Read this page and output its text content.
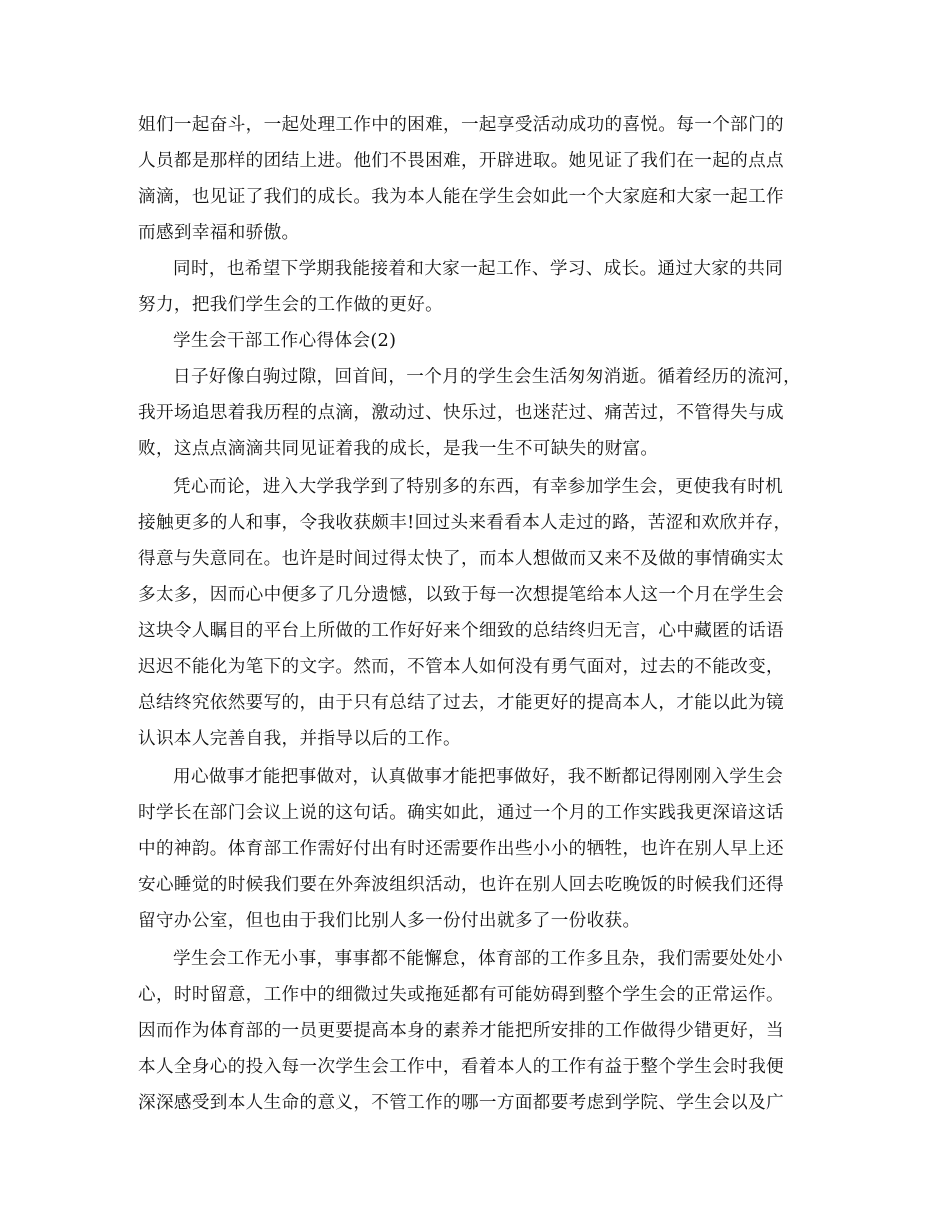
姐们一起奋斗，一起处理工作中的困难，一起享受活动成功的喜悦。每一个部门的
人员都是那样的团结上进。他们不畏困难，开辟进取。她见证了我们在一起的点点
滴滴，也见证了我们的成长。我为本人能在学生会如此一个大家庭和大家一起工作
而感到幸福和骄傲。
同时，也希望下学期我能接着和大家一起工作、学习、成长。通过大家的共同
努力，把我们学生会的工作做的更好。
学生会干部工作心得体会(2)
日子好像白驹过隙，回首间，一个月的学生会生活匆匆消逝。循着经历的流河，
我开场追思着我历程的点滴，激动过、快乐过，也迷茫过、痛苦过，不管得失与成
败，这点点滴滴共同见证着我的成长，是我一生不可缺失的财富。
凭心而论，进入大学我学到了特别多的东西，有幸参加学生会，更使我有时机
接触更多的人和事，令我收获颇丰!回过头来看看本人走过的路，苦涩和欢欣并存，
得意与失意同在。也许是时间过得太快了，而本人想做而又来不及做的事情确实太
多太多，因而心中便多了几分遗憾，以致于每一次想提笔给本人这一个月在学生会
这块令人瞩目的平台上所做的工作好好来个细致的总结终归无言，心中藏匿的话语
迟迟不能化为笔下的文字。然而，不管本人如何没有勇气面对，过去的不能改变，
总结终究依然要写的，由于只有总结了过去，才能更好的提高本人，才能以此为镜
认识本人完善自我，并指导以后的工作。
用心做事才能把事做对，认真做事才能把事做好，我不断都记得刚刚入学生会
时学长在部门会议上说的这句话。确实如此，通过一个月的工作实践我更深谙这话
中的神韵。体育部工作需好付出有时还需要作出些小小的牺牲，也许在别人早上还
安心睡觉的时候我们要在外奔波组织活动，也许在别人回去吃晚饭的时候我们还得
留守办公室，但也由于我们比别人多一份付出就多了一份收获。
学生会工作无小事，事事都不能懈怠，体育部的工作多且杂，我们需要处处小
心，时时留意，工作中的细微过失或拖延都有可能妨碍到整个学生会的正常运作。
因而作为体育部的一员更要提高本身的素养才能把所安排的工作做得少错更好，当
本人全身心的投入每一次学生会工作中，看着本人的工作有益于整个学生会时我便
深深感受到本人生命的意义，不管工作的哪一方面都要考虑到学院、学生会以及广
